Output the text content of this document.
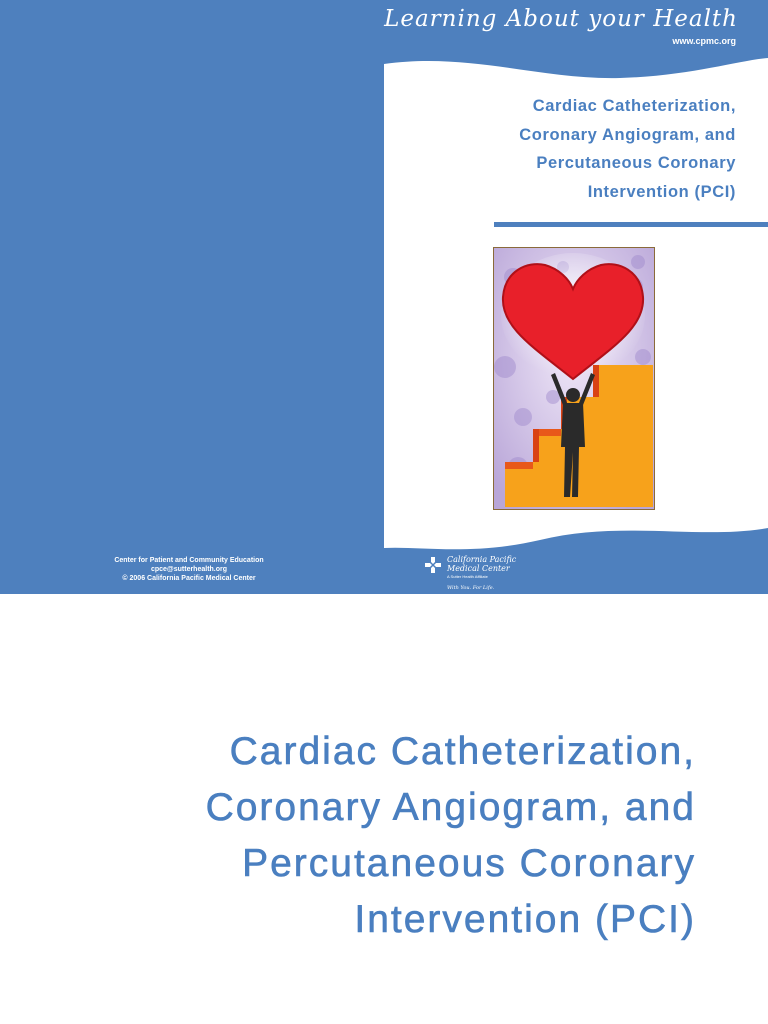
Learning About your Health
www.cpmc.org
Cardiac Catheterization,
Coronary Angiogram, and
Percutaneous Coronary
Intervention (PCI)
Center for Patient and Community Education
cpce@sutterhealth.org
© 2006 California Pacific Medical Center
California Pacific
Medical Center
A Sutter Health Affiliate
With You. For Life.
Cardiac Catheterization,
Coronary Angiogram, and
Percutaneous Coronary
Intervention (PCI)
